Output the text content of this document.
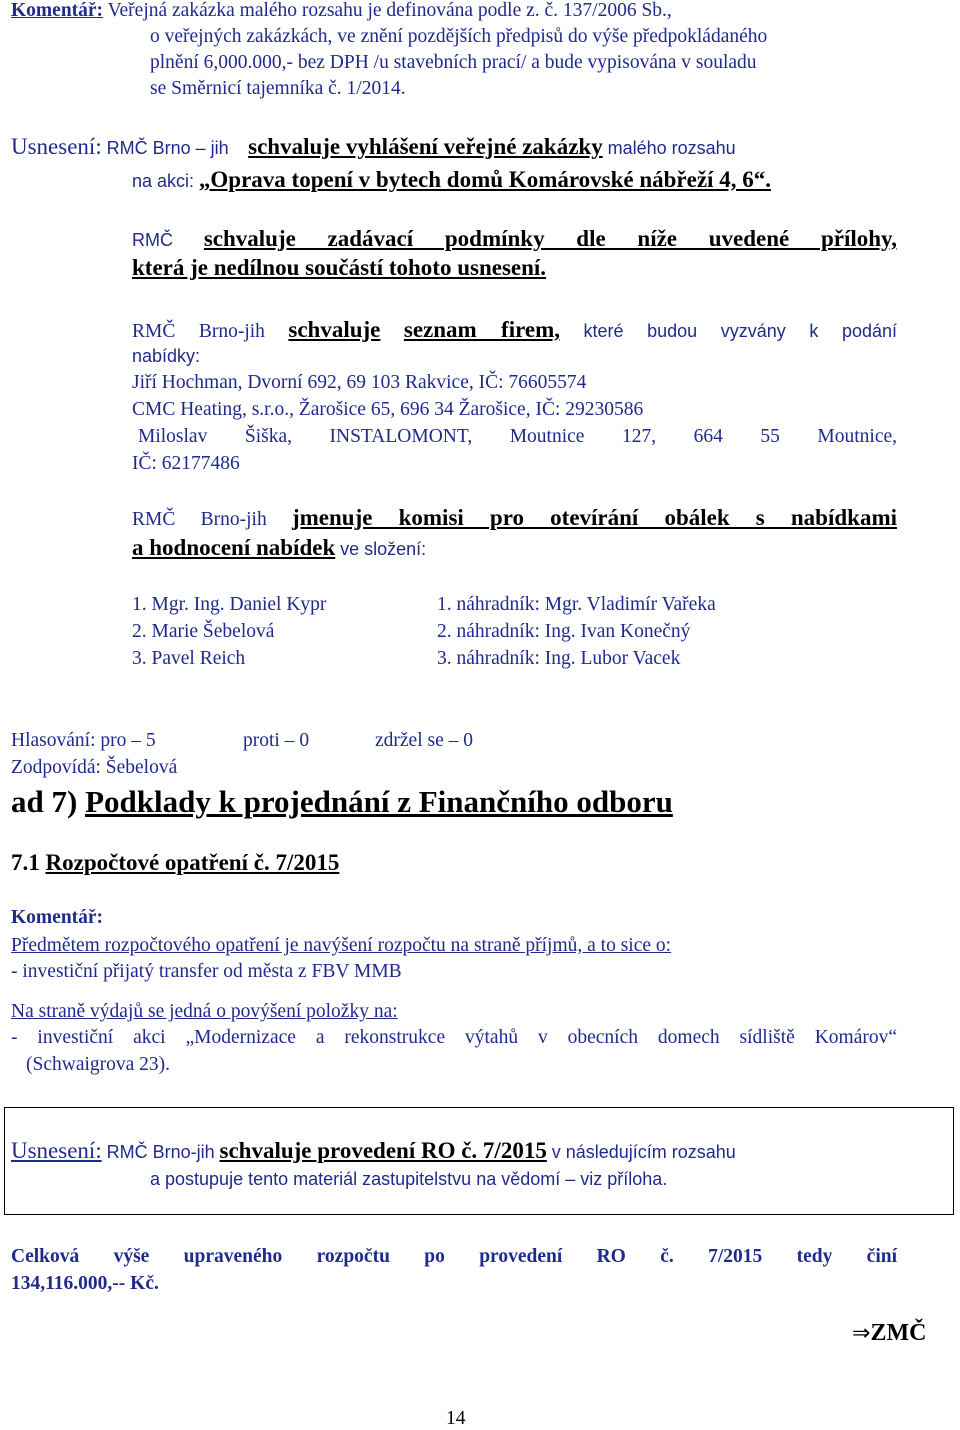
Komentář: Veřejná zakázka malého rozsahu je definována podle z. č. 137/2006 Sb.,
o veřejných zakázkách, ve znění pozdějších předpisů do výše předpokládaného
plnění 6,000.000,- bez DPH /u stavebních prací/ a bude vypisována v souladu
se Směrnicí tajemníka č. 1/2014.
Usnesení: RMČ Brno – jih schvaluje vyhlášení veřejné zakázky malého rozsahu
na akci: „Oprava topení v bytech domů Komárovské nábřeží 4, 6“.
RMČ schvaluje zadávací podmínky dle níže uvedené přílohy,
která je nedílnou součástí tohoto usnesení.
RMČ Brno-jih schvaluje seznam firem, které budou vyzvány k podání
nabídky:
Jiří Hochman, Dvorní 692, 69 103 Rakvice, IČ: 76605574
CMC Heating, s.r.o., Žarošice 65, 696 34 Žarošice, IČ: 29230586
Miloslav Šiška, INSTALOMONT, Moutnice 127, 664 55 Moutnice,
IČ: 62177486
RMČ Brno-jih jmenuje komisi pro otevírání obálek s nabídkami
a hodnocení nabídek ve složení:
1. Mgr. Ing. Daniel Kypr
2. Marie Šebelová
3. Pavel Reich
1. náhradník: Mgr. Vladimír Vařeka
2. náhradník: Ing. Ivan Konečný
3. náhradník: Ing. Lubor Vacek
Hlasování: pro – 5	proti – 0	zdržel se – 0
Zodpovídá: Šebelová
ad 7) Podklady k projednání z Finančního odboru
7.1 Rozpočtové opatření č. 7/2015
Komentář:
Předmětem rozpočtového opatření je navýšení rozpočtu na straně příjmů, a to sice o:
- investiční přijatý transfer od města z FBV MMB
Na straně výdajů se jedná o povýšení položky na:
- investiční akci „Modernizace a rekonstrukce výtahů v obecních domech sídliště Komárov“
(Schwaigrova 23).
Usnesení: RMČ Brno-jih schvaluje provedení RO č. 7/2015 v následujícím rozsahu
a postupuje tento materiál zastupitelstvu na vědomí – viz příloha.
Celková výše upraveného rozpočtu po provedení RO č. 7/2015 tedy činí
134,116.000,-- Kč.
⇒ZMČ
14
